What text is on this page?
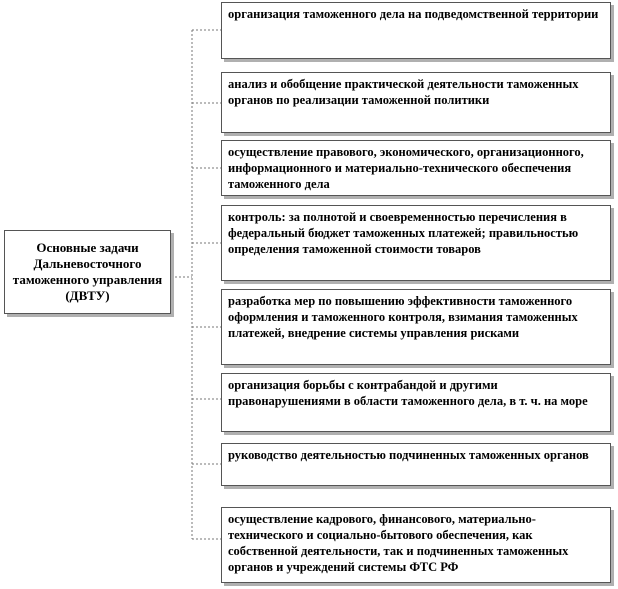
Основные задачи Дальневосточного таможенного управления (ДВТУ)
организация таможенного дела на подведомственной территории
анализ и обобщение практической деятельности таможенных органов по реализации таможенной политики
осуществление правового, экономического, организационного, информационного и материально-технического обеспечения таможенного дела
контроль: за полнотой и своевременностью перечисления в федеральный бюджет таможенных платежей; правильностью определения таможенной стоимости товаров
разработка мер по повышению эффективности таможенного оформления и таможенного контроля, взимания таможенных платежей, внедрение системы управления рисками
организация борьбы с контрабандой и другими правонарушениями в области таможенного дела, в т. ч. на море
руководство деятельностью подчиненных таможенных органов
осуществление кадрового, финансового, материально-технического и социально-бытового обеспечения, как собственной деятельности, так и подчиненных таможенных органов и учреждений системы ФТС РФ
